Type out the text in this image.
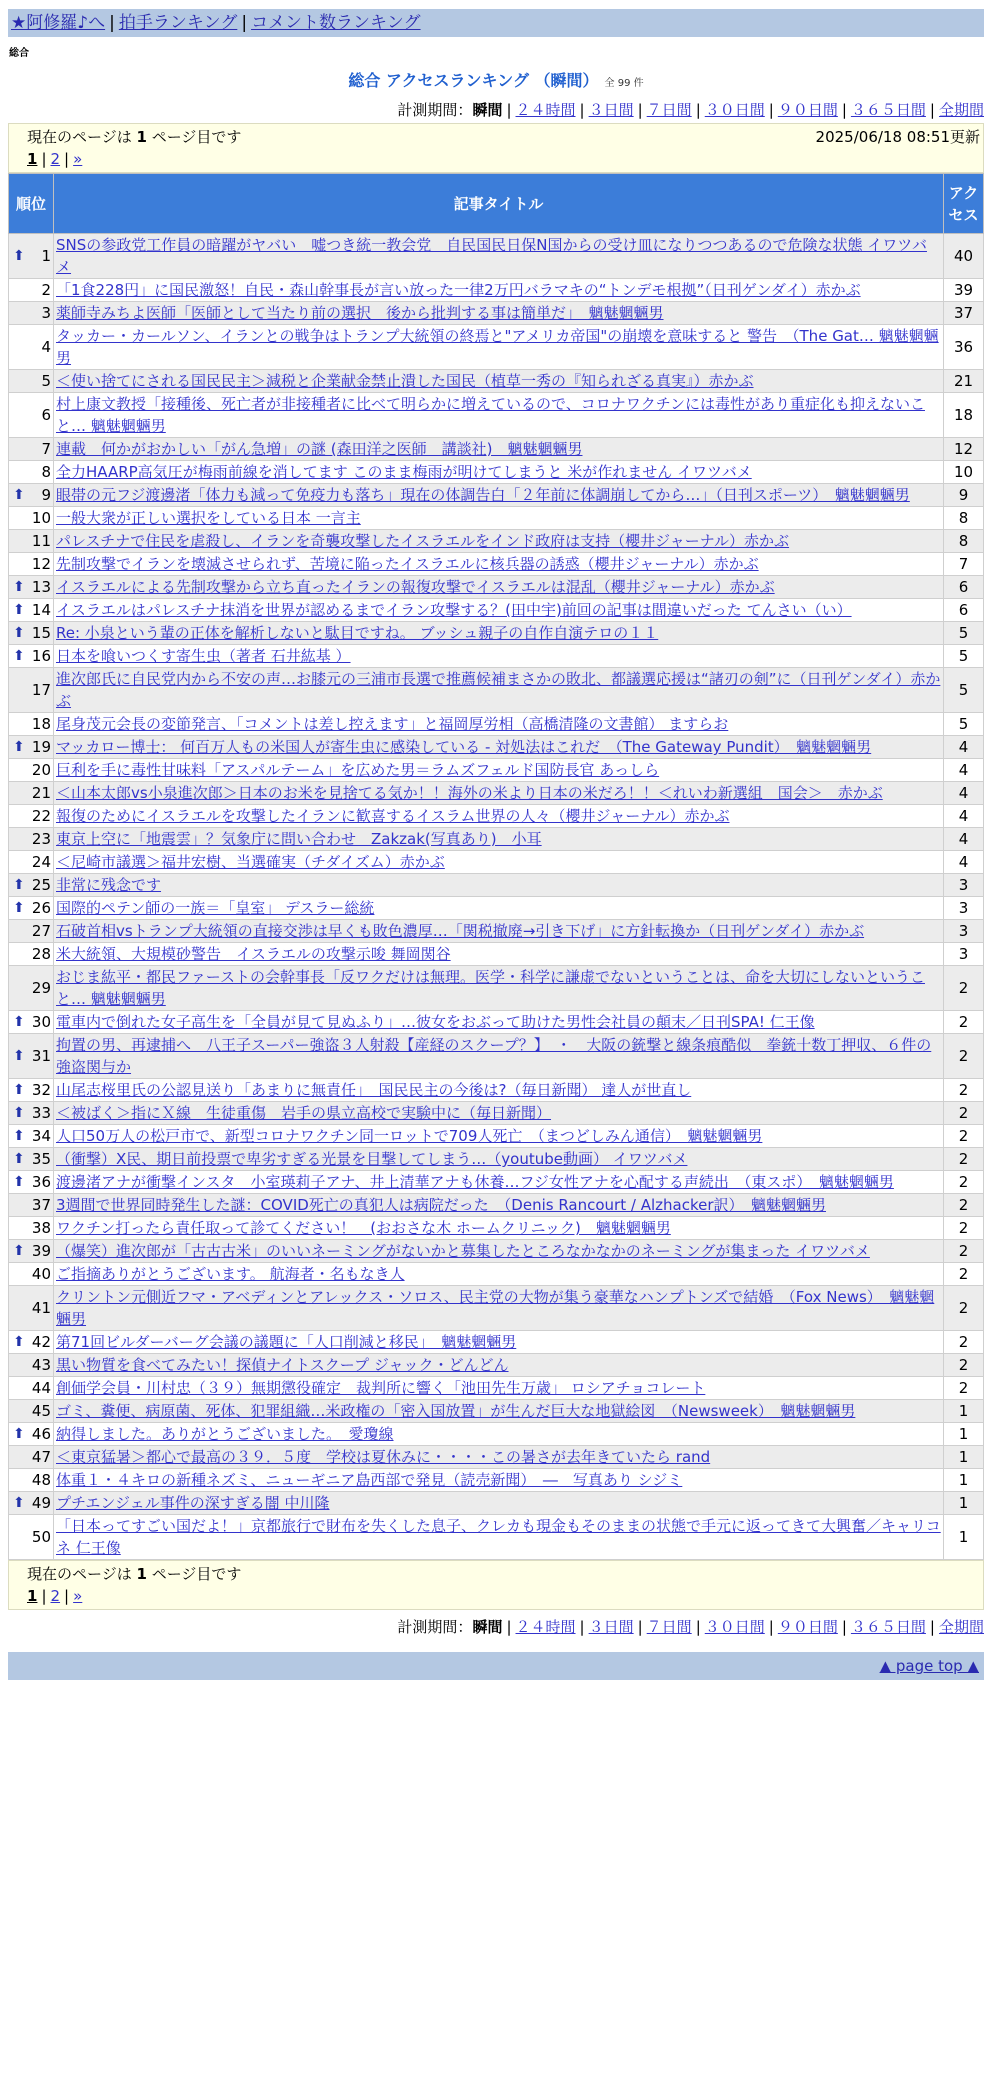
★阿修羅♪へ | 拍手ランキング | コメント数ランキング
総合
総合 アクセスランキング （瞬間） 全 99 件
計測期間：瞬間 | ２４時間 | ３日間 | ７日間 | ３０日間 | ９０日間 | ３６５日間 | 全期間
現在のページは 1 ページ目です	2025/06/18 08:51更新
1 | 2 | »
順位	記事タイトル	アクセス

⬆ 1	SNSの参政党工作員の暗躍がヤバい　嘘つき統一教会党　自民国民日保N国からの受け皿になりつつあるので危険な状態 イワツバメ	40
2	「1食228円」に国民激怒！自民・森山幹事長が言い放った一律2万円バラマキの“トンデモ根拠”（日刊ゲンダイ）赤かぶ	39
3	薬師寺みちよ医師「医師として当たり前の選択　後から批判する事は簡単だ」　魑魅魍魎男	37
4	タッカー・カールソン、イランとの戦争はトランプ大統領の終焉と"アメリカ帝国"の崩壊を意味すると 警告　（The Gat… 魑魅魍魎男	36
5	＜使い捨てにされる国民民主＞減税と企業献金禁止潰した国民（植草一秀の『知られざる真実』）赤かぶ	21
6	村上康文教授「接種後、死亡者が非接種者に比べて明らかに増えているので、コロナワクチンには毒性があり重症化も抑えないこと… 魑魅魍魎男	18
7	連載　何かがおかしい「がん急増」の謎 (森田洋之医師　講談社)　魑魅魍魎男	12
8	全力HAARP高気圧が梅雨前線を消してます このまま梅雨が明けてしまうと 米が作れません イワツバメ	10

⬆ 9	眼帯の元フジ渡邊渚「体力も減って免疫力も落ち」現在の体調告白「２年前に体調崩してから…」（日刊スポーツ）　魑魅魍魎男	9
10	一般大衆が正しい選択をしている日本 一言主	8
11	パレスチナで住民を虐殺し、イランを奇襲攻撃したイスラエルをインド政府は支持（櫻井ジャーナル）赤かぶ	8
12	先制攻撃でイランを壊滅させられず、苦境に陥ったイスラエルに核兵器の誘惑（櫻井ジャーナル）赤かぶ	7

⬆ 13	イスラエルによる先制攻撃から立ち直ったイランの報復攻撃でイスラエルは混乱（櫻井ジャーナル）赤かぶ	6

⬆ 14	イスラエルはパレスチナ抹消を世界が認めるまでイラン攻撃する？(田中宇)前回の記事は間違いだった てんさい（い）	6

⬆ 15	Re: 小泉という輩の正体を解析しないと駄目ですね。 ブッシュ親子の自作自演テロの１１	5

⬆ 16	日本を喰いつくす寄生虫（著者 石井紘基 ）	5
17	進次郎氏に自民党内から不安の声…お膝元の三浦市長選で推薦候補まさかの敗北、都議選応援は“諸刃の剣”に（日刊ゲンダイ）赤かぶ	5
18	尾身茂元会長の変節発言、「コメントは差し控えます」と福岡厚労相（高橋清隆の文書館） ますらお	5

⬆ 19	マッカロー博士： 何百万人もの米国人が寄生虫に感染している - 対処法はこれだ　（The Gateway Pundit）　魑魅魍魎男	4
20	巨利を手に毒性甘味料「アスパルテーム」を広めた男＝ラムズフェルド国防長官 あっしら	4
21	＜山本太郎vs小泉進次郎＞日本のお米を見捨てる気か！！海外の米より日本の米だろ！！＜れいわ新選組　国会＞　赤かぶ	4
22	報復のためにイスラエルを攻撃したイランに歓喜するイスラム世界の人々（櫻井ジャーナル）赤かぶ	4
23	東京上空に「地震雲」？気象庁に問い合わせ　Zakzak(写真あり)　小耳	4
24	＜尼崎市議選＞福井宏樹、当選確実（チダイズム）赤かぶ	4

⬆ 25	非常に残念です	3

⬆ 26	国際的ペテン師の一族＝「皇室」 デスラー総統	3
27	石破首相vsトランプ大統領の直接交渉は早くも敗色濃厚…「関税撤廃→引き下げ」に方針転換か（日刊ゲンダイ）赤かぶ	3
28	米大統領、大規模砂警告　イスラエルの攻撃示唆 舞岡関谷	3
29	おじま紘平・都民ファーストの会幹事長「反ワクだけは無理。医学・科学に謙虚でないということは、命を大切にしないということ… 魑魅魍魎男	2

⬆ 30	電車内で倒れた女子高生を「全員が見て見ぬふり」…彼女をおぶって助けた男性会社員の顛末／日刊SPA! 仁王像	2

⬆ 31	拘置の男、再逮捕へ　八王子スーパー強盗３人射殺【産経のスクープ？】　・　大阪の銃撃と線条痕酷似　拳銃十数丁押収、６件の強盗関与か	2

⬆ 32	山尾志桜里氏の公認見送り「あまりに無責任」　国民民主の今後は?（毎日新聞） 達人が世直し	2

⬆ 33	＜被ばく＞指にＸ線　生徒重傷　岩手の県立高校で実験中に（毎日新聞）	2

⬆ 34	人口50万人の松戸市で、新型コロナワクチン同一ロットで709人死亡　（まつどしみん通信）　魑魅魍魎男	2

⬆ 35	（衝撃）X民、期日前投票で卑劣すぎる光景を目撃してしまう…（youtube動画） イワツバメ	2

⬆ 36	渡邊渚アナが衝撃インスタ　小室瑛莉子アナ、井上清華アナも休養…フジ女性アナを心配する声続出　（東スポ）　魑魅魍魎男	2
37	3週間で世界同時発生した謎：COVID死亡の真犯人は病院だった　（Denis Rancourt / Alzhacker訳）　魑魅魍魎男	2
38	ワクチン打ったら責任取って診てください！　(おおさな木 ホームクリニック)　魑魅魍魎男	2

⬆ 39	（爆笑）進次郎が「古古古米」のいいネーミングがないかと募集したところなかなかのネーミングが集まった イワツバメ	2
40	ご指摘ありがとうございます。 航海者・名もなき人	2
41	クリントン元側近フマ・アベディンとアレックス・ソロス、民主党の大物が集う豪華なハンプトンズで結婚　（Fox News）　魑魅魍魎男	2

⬆ 42	第71回ビルダーバーグ会議の議題に「人口削減と移民」　魑魅魍魎男	2
43	黒い物質を食べてみたい！探偵ナイトスクープ ジャック・どんどん	2
44	創価学会員・川村忠（３９）無期懲役確定　裁判所に響く「池田先生万歳」 ロシアチョコレート	2
45	ゴミ、糞便、病原菌、死体、犯罪組織…米政権の「密入国放置」が生んだ巨大な地獄絵図　（Newsweek）　魑魅魍魎男	1

⬆ 46	納得しました。ありがとうございました。　愛瓊線	1
47	＜東京猛暑＞都心で最高の３９．５度　学校は夏休みに・・・・この暑さが去年きていたら rand	1
48	体重１・４キロの新種ネズミ、ニューギニア島西部で発見（読売新聞）　―　写真あり シジミ	1

⬆ 49	プチエンジェル事件の深すぎる闇 中川隆	1
50	「日本ってすごい国だよ！」京都旅行で財布を失くした息子、クレカも現金もそのままの状態で手元に返ってきて大興奮／キャリコネ 仁王像	1
現在のページは 1 ページ目です
1 | 2 | »
計測期間：瞬間 | ２４時間 | ３日間 | ７日間 | ３０日間 | ９０日間 | ３６５日間 | 全期間
▲ page top ▲
